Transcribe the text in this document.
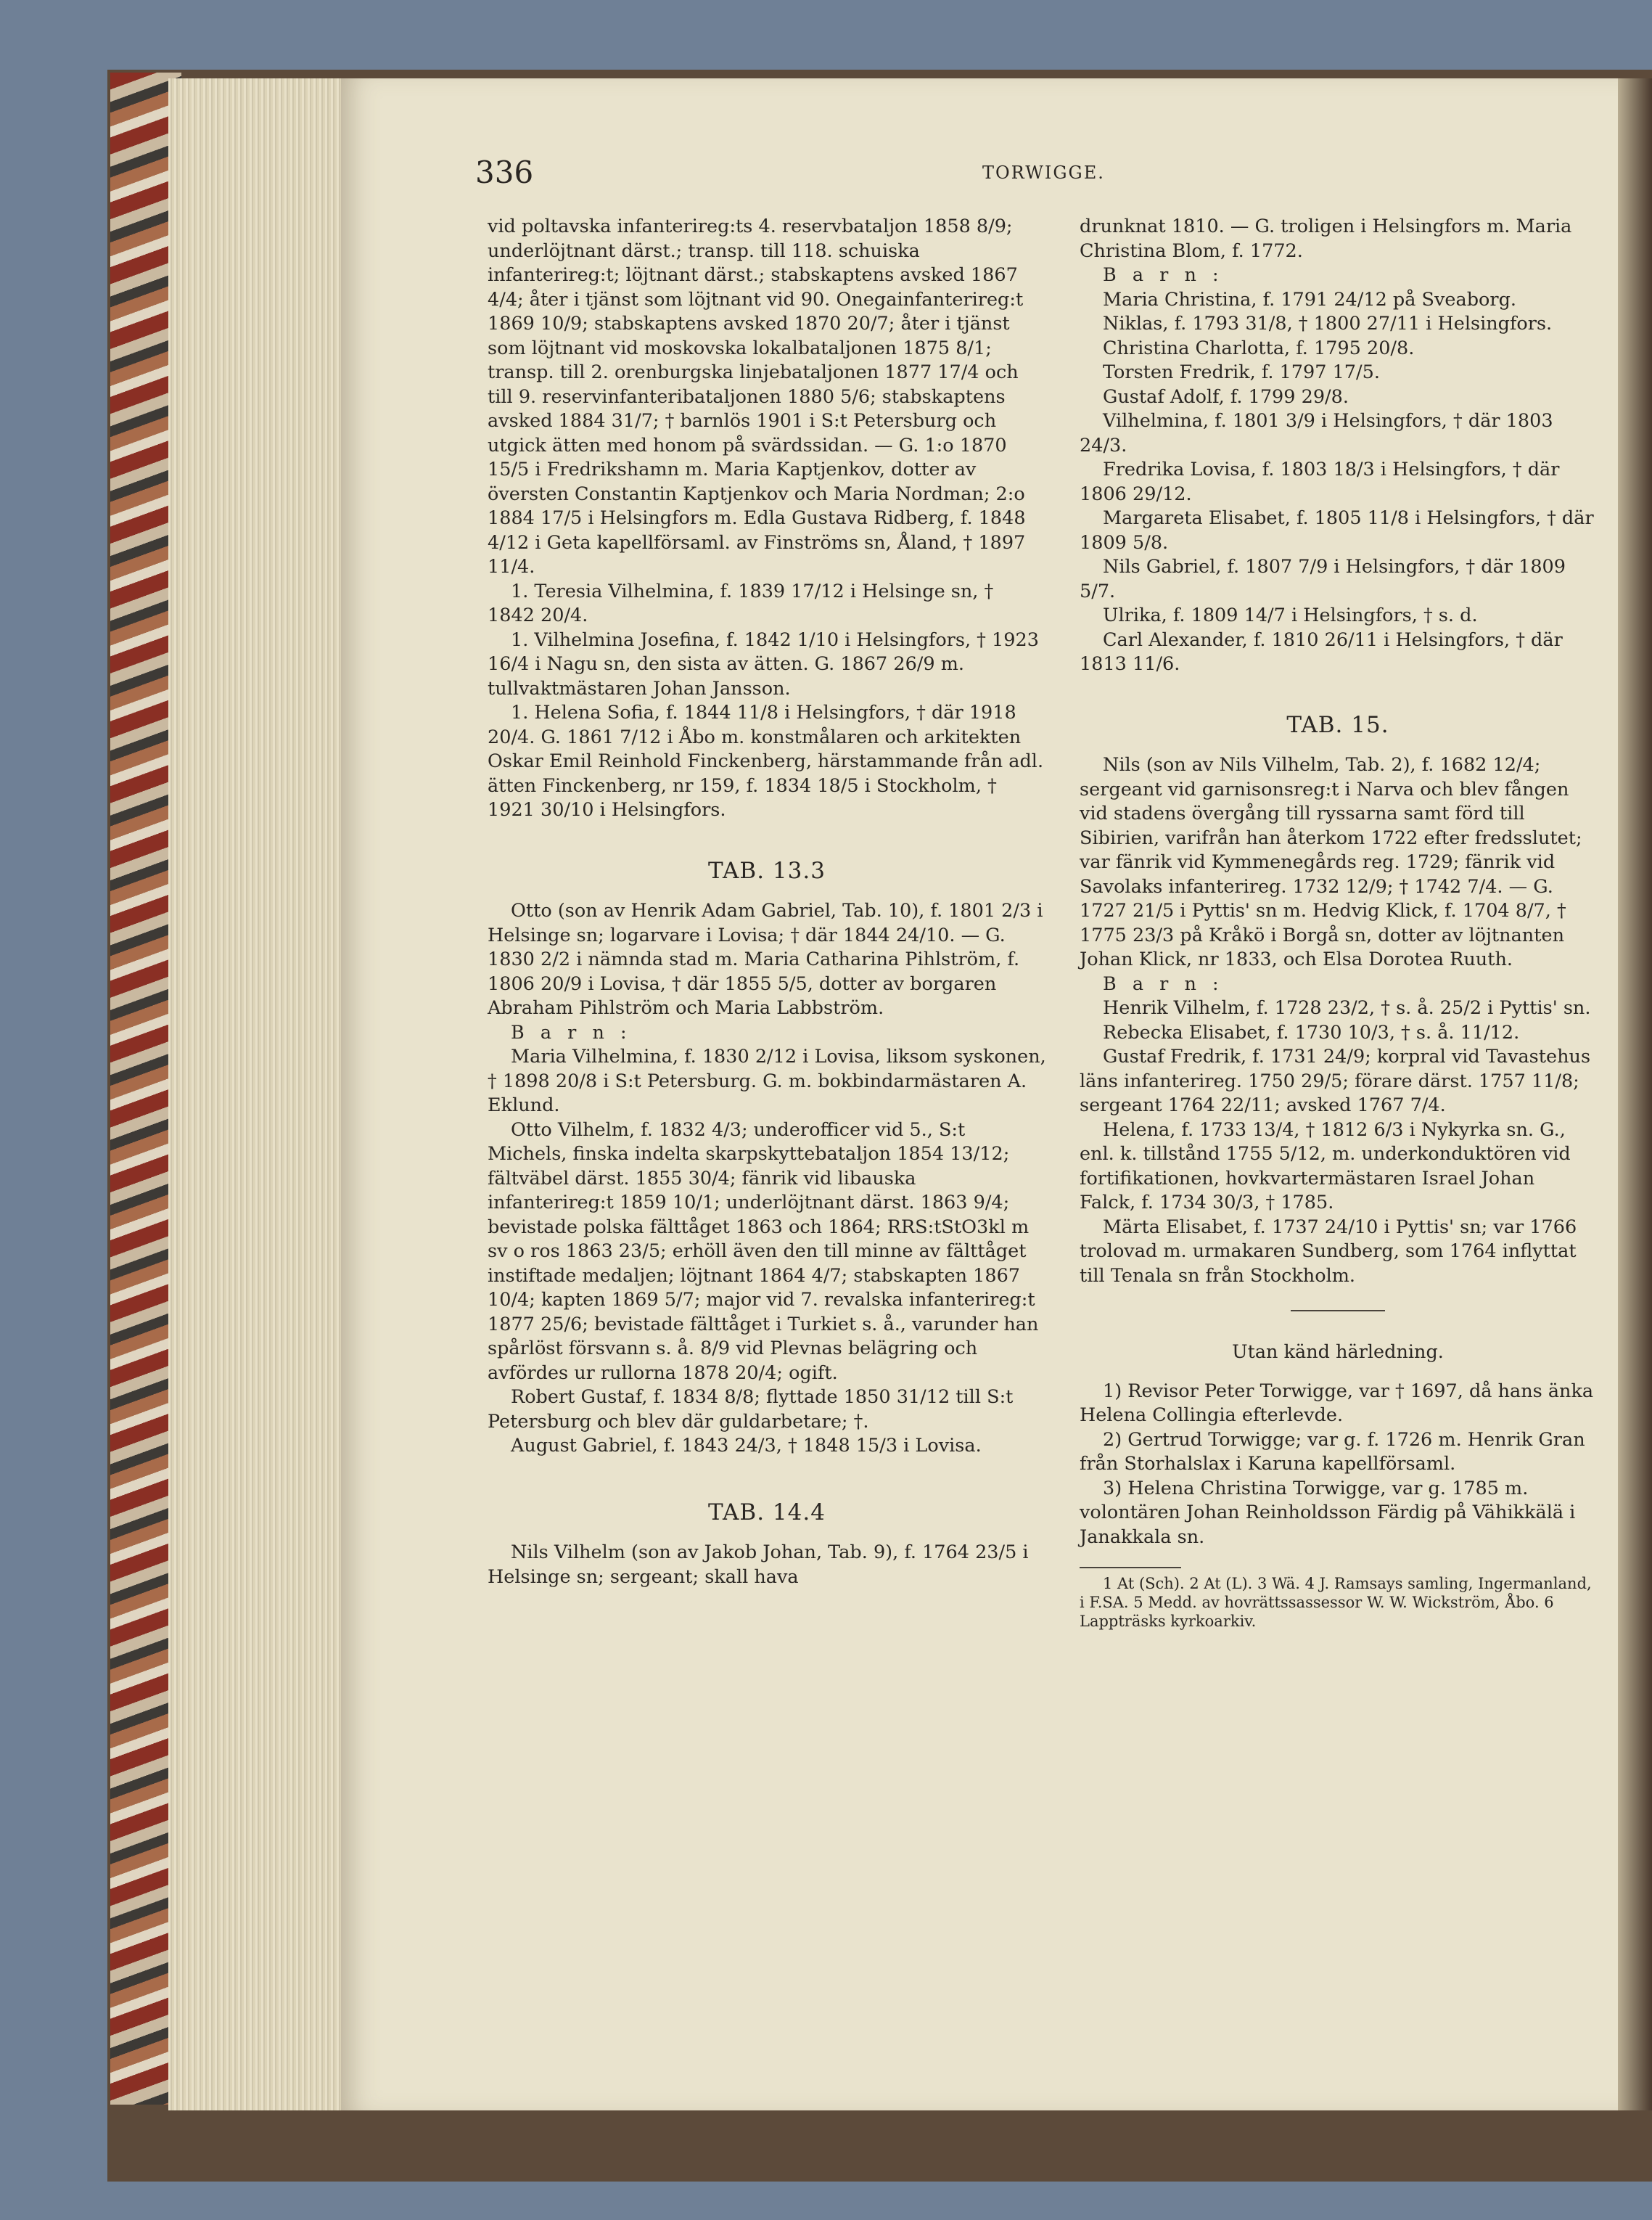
336	TORWIGGE.

vid poltavska infanterireg:ts 4. reservbataljon 1858 8/9; underlöjtnant därst.; transp. till 118. schuiska infanterireg:t; löjtnant därst.; stabskaptens avsked 1867 4/4; åter i tjänst som löjtnant vid 90. Onegainfanterireg:t 1869 10/9; stabskaptens avsked 1870 20/7; åter i tjänst som löjtnant vid moskovska lokalbataljonen 1875 8/1; transp. till 2. orenburgska linjebataljonen 1877 17/4 och till 9. reservinfanteribataljonen 1880 5/6; stabskaptens avsked 1884 31/7; † barnlös 1901 i S:t Petersburg och utgick ätten med honom på svärdssidan. — G. 1:o 1870 15/5 i Fredrikshamn m. Maria Kaptjenkov, dotter av översten Constantin Kaptjenkov och Maria Nordman; 2:o 1884 17/5 i Helsingfors m. Edla Gustava Ridberg, f. 1848 4/12 i Geta kapellförsaml. av Finströms sn, Åland, † 1897 11/4.

1. Teresia Vilhelmina, f. 1839 17/12 i Helsinge sn, † 1842 20/4.

1. Vilhelmina Josefina, f. 1842 1/10 i Helsingfors, † 1923 16/4 i Nagu sn, den sista av ätten. G. 1867 26/9 m. tullvaktmästaren Johan Jansson.

1. Helena Sofia, f. 1844 11/8 i Helsingfors, † där 1918 20/4. G. 1861 7/12 i Åbo m. konstmålaren och arkitekten Oskar Emil Reinhold Finckenberg, härstammande från adl. ätten Finckenberg, nr 159, f. 1834 18/5 i Stockholm, † 1921 30/10 i Helsingfors.

TAB. 13.3

Otto (son av Henrik Adam Gabriel, Tab. 10), f. 1801 2/3 i Helsinge sn; logarvare i Lovisa; † där 1844 24/10. — G. 1830 2/2 i nämnda stad m. Maria Catharina Pihlström, f. 1806 20/9 i Lovisa, † där 1855 5/5, dotter av borgaren Abraham Pihlström och Maria Labbström.

B a r n :

Maria Vilhelmina, f. 1830 2/12 i Lovisa, liksom syskonen, † 1898 20/8 i S:t Petersburg. G. m. bokbindarmästaren A. Eklund.

Otto Vilhelm, f. 1832 4/3; underofficer vid 5., S:t Michels, finska indelta skarpskyttebataljon 1854 13/12; fältväbel därst. 1855 30/4; fänrik vid libauska infanterireg:t 1859 10/1; underlöjtnant därst. 1863 9/4; bevistade polska fälttåget 1863 och 1864; RRS:tStO3kl m sv o ros 1863 23/5; erhöll även den till minne av fälttåget instiftade medaljen; löjtnant 1864 4/7; stabskapten 1867 10/4; kapten 1869 5/7; major vid 7. revalska infanterireg:t 1877 25/6; bevistade fälttåget i Turkiet s. å., varunder han spårlöst försvann s. å. 8/9 vid Plevnas belägring och avfördes ur rullorna 1878 20/4; ogift.

Robert Gustaf, f. 1834 8/8; flyttade 1850 31/12 till S:t Petersburg och blev där guldarbetare; †.

August Gabriel, f. 1843 24/3, † 1848 15/3 i Lovisa.

TAB. 14.4

Nils Vilhelm (son av Jakob Johan, Tab. 9), f. 1764 23/5 i Helsinge sn; sergeant; skall hava

drunknat 1810. — G. troligen i Helsingfors m. Maria Christina Blom, f. 1772.

B a r n :

Maria Christina, f. 1791 24/12 på Sveaborg.

Niklas, f. 1793 31/8, † 1800 27/11 i Helsingfors.

Christina Charlotta, f. 1795 20/8.

Torsten Fredrik, f. 1797 17/5.

Gustaf Adolf, f. 1799 29/8.

Vilhelmina, f. 1801 3/9 i Helsingfors, † där 1803 24/3.

Fredrika Lovisa, f. 1803 18/3 i Helsingfors, † där 1806 29/12.

Margareta Elisabet, f. 1805 11/8 i Helsingfors, † där 1809 5/8.

Nils Gabriel, f. 1807 7/9 i Helsingfors, † där 1809 5/7.

Ulrika, f. 1809 14/7 i Helsingfors, † s. d.

Carl Alexander, f. 1810 26/11 i Helsingfors, † där 1813 11/6.

TAB. 15.

Nils (son av Nils Vilhelm, Tab. 2), f. 1682 12/4; sergeant vid garnisonsreg:t i Narva och blev fången vid stadens övergång till ryssarna samt förd till Sibirien, varifrån han återkom 1722 efter fredsslutet; var fänrik vid Kymmenegårds reg. 1729; fänrik vid Savolaks infanterireg. 1732 12/9; † 1742 7/4. — G. 1727 21/5 i Pyttis' sn m. Hedvig Klick, f. 1704 8/7, † 1775 23/3 på Kråkö i Borgå sn, dotter av löjtnanten Johan Klick, nr 1833, och Elsa Dorotea Ruuth.

B a r n :

Henrik Vilhelm, f. 1728 23/2, † s. å. 25/2 i Pyttis' sn.

Rebecka Elisabet, f. 1730 10/3, † s. å. 11/12.

Gustaf Fredrik, f. 1731 24/9; korpral vid Tavastehus läns infanterireg. 1750 29/5; förare därst. 1757 11/8; sergeant 1764 22/11; avsked 1767 7/4.

Helena, f. 1733 13/4, † 1812 6/3 i Nykyrka sn. G., enl. k. tillstånd 1755 5/12, m. underkonduktören vid fortifikationen, hovkvartermästaren Israel Johan Falck, f. 1734 30/3, † 1785.

Märta Elisabet, f. 1737 24/10 i Pyttis' sn; var 1766 trolovad m. urmakaren Sundberg, som 1764 inflyttat till Tenala sn från Stockholm.

Utan känd härledning.

1) Revisor Peter Torwigge, var † 1697, då hans änka Helena Collingia efterlevde.

2) Gertrud Torwigge; var g. f. 1726 m. Henrik Gran från Storhalslax i Karuna kapellförsaml.

3) Helena Christina Torwigge, var g. 1785 m. volontären Johan Reinholdsson Färdig på Vähikkälä i Janakkala sn.

1 At (Sch). 2 At (L). 3 Wä. 4 J. Ramsays samling, Ingermanland, i F.SA. 5 Medd. av hovrättssassessor W. W. Wickström, Åbo. 6 Lappträsks kyrkoarkiv.
